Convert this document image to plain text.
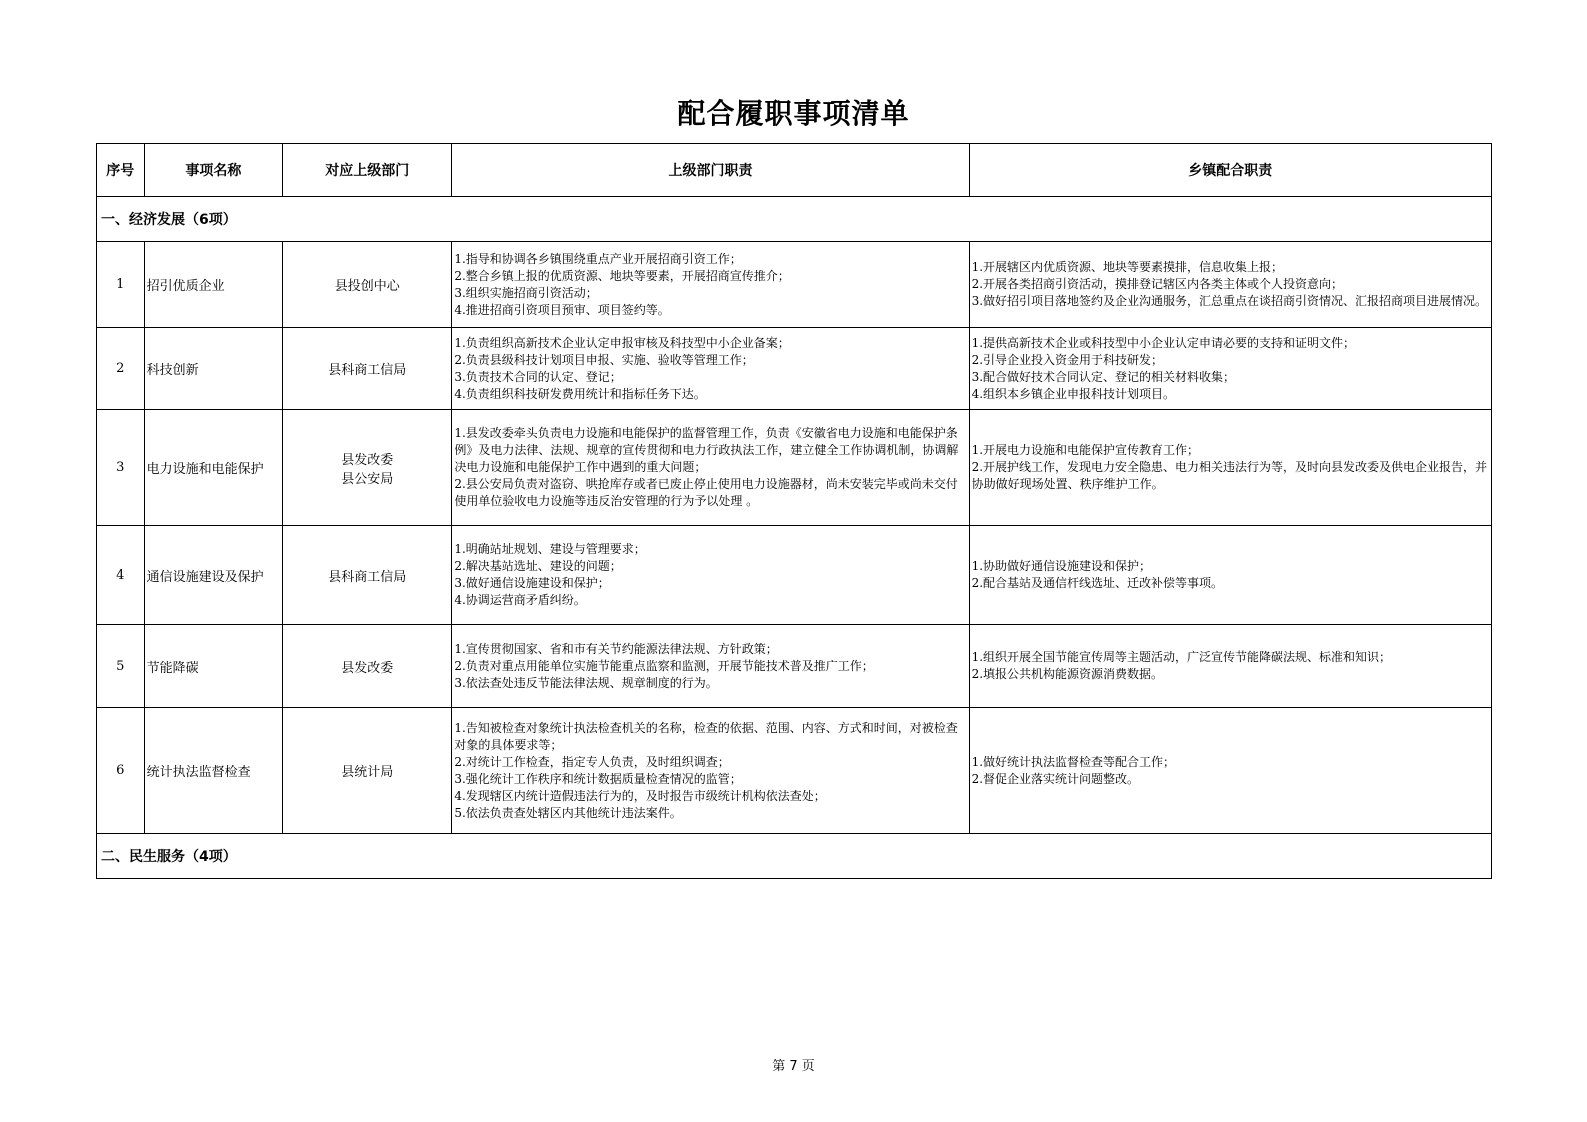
配合履职事项清单
序号	事项名称	对应上级部门	上级部门职责	乡镇配合职责
一、经济发展（6项）				
1	招引优质企业	县投创中心	1.指导和协调各乡镇围绕重点产业开展招商引资工作；
2.整合乡镇上报的优质资源、地块等要素，开展招商宣传推介；
3.组织实施招商引资活动；
4.推进招商引资项目预审、项目签约等。	1.开展辖区内优质资源、地块等要素摸排，信息收集上报；
2.开展各类招商引资活动，摸排登记辖区内各类主体或个人投资意向；
3.做好招引项目落地签约及企业沟通服务，汇总重点在谈招商引资情况、汇报招商项目进展情况。

2	科技创新	县科商工信局	1.负责组织高新技术企业认定申报审核及科技型中小企业备案；
2.负责县级科技计划项目申报、实施、验收等管理工作；
3.负责技术合同的认定、登记；
4.负责组织科技研发费用统计和指标任务下达。	1.提供高新技术企业或科技型中小企业认定申请必要的支持和证明文件；
2.引导企业投入资金用于科技研发；
3.配合做好技术合同认定、登记的相关材料收集；
4.组织本乡镇企业申报科技计划项目。

3	电力设施和电能保护	县发改委
县公安局	1.县发改委牵头负责电力设施和电能保护的监督管理工作，负责《安徽省电力设施和电能保护条例》及电力法律、法规、规章的宣传贯彻和电力行政执法工作，建立健全工作协调机制，协调解决电力设施和电能保护工作中遇到的重大问题；
2.县公安局负责对盗窃、哄抢库存或者已废止停止使用电力设施器材，尚未安装完毕或尚未交付使用单位验收电力设施等违反治安管理的行为予以处理 。	1.开展电力设施和电能保护宣传教育工作；
2.开展护线工作，发现电力安全隐患、电力相关违法行为等，及时向县发改委及供电企业报告，并协助做好现场处置、秩序维护工作。

4	通信设施建设及保护	县科商工信局	1.明确站址规划、建设与管理要求；
2.解决基站选址、建设的问题；
3.做好通信设施建设和保护；
4.协调运营商矛盾纠纷。	1.协助做好通信设施建设和保护；
2.配合基站及通信杆线选址、迁改补偿等事项。

5	节能降碳	县发改委	1.宣传贯彻国家、省和市有关节约能源法律法规、方针政策；
2.负责对重点用能单位实施节能重点监察和监测，开展节能技术普及推广工作；
3.依法查处违反节能法律法规、规章制度的行为。	1.组织开展全国节能宣传周等主题活动，广泛宣传节能降碳法规、标准和知识；
2.填报公共机构能源资源消费数据。

6	统计执法监督检查	县统计局	1.告知被检查对象统计执法检查机关的名称，检查的依据、范围、内容、方式和时间，对被检查对象的具体要求等；
2.对统计工作检查，指定专人负责，及时组织调查；
3.强化统计工作秩序和统计数据质量检查情况的监管；
4.发现辖区内统计造假违法行为的，及时报告市级统计机构依法查处；
5.依法负责查处辖区内其他统计违法案件。	1.做好统计执法监督检查等配合工作；
2.督促企业落实统计问题整改。

二、民生服务（4项）				
第 7 页
